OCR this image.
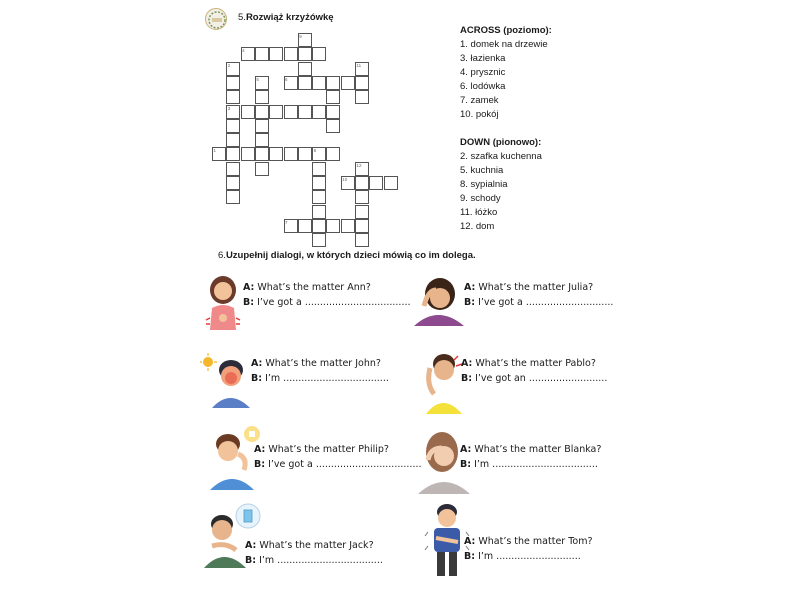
5.Rozwiąż krzyżówkę
1
2
3
4
5	6
7
8
9
10
11
12
ACROSS (poziomo):
1. domek na drzewie
3. łazienka
4. prysznic
6. lodówka
7. zamek
10. pokój
DOWN (pionowo):
2. szafka kuchenna
5. kuchnia
8. sypialnia
9. schody
11. łóżko
12. dom
6.Uzupełnij dialogi, w których dzieci mówią co im dolega.
A: What’s the matter Ann?
B: I’ve got a ...................................
A: What’s the matter Julia?
B: I’ve got a .............................
A: What’s the matter John?
B: I’m ...................................
A: What’s the matter Pablo?
B: I’ve got an ..........................
A: What’s the matter Philip?
B: I’ve got a ...................................
A: What’s the matter Blanka?
B: I’m ...................................
A: What’s the matter Jack?
B: I’m ...................................
A: What’s the matter Tom?
B: I’m ............................
